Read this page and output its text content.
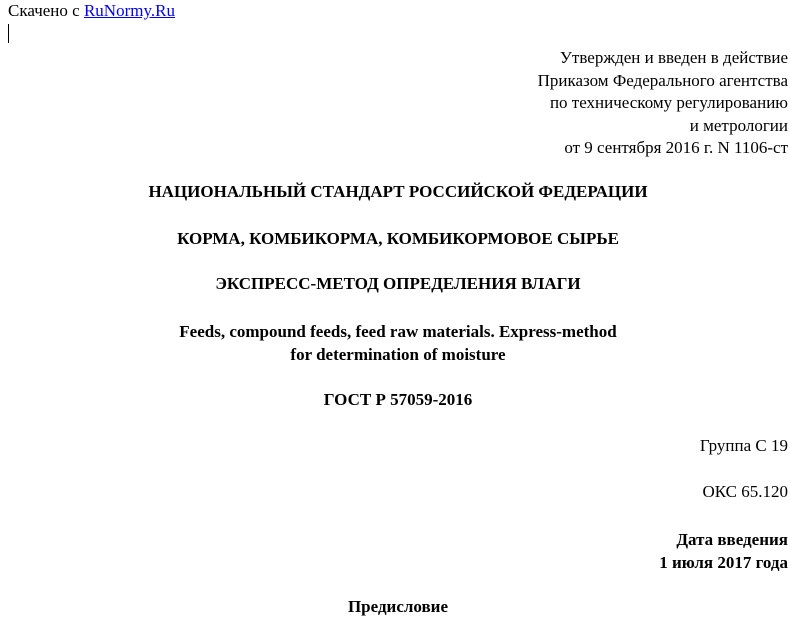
Скачено с RuNormy.Ru
Утвержден и введен в действие
Приказом Федерального агентства
по техническому регулированию
и метрологии
от 9 сентября 2016 г. N 1106-ст
НАЦИОНАЛЬНЫЙ СТАНДАРТ РОССИЙСКОЙ ФЕДЕРАЦИИ
КОРМА, КОМБИКОРМА, КОМБИКОРМОВОЕ СЫРЬЕ
ЭКСПРЕСС-МЕТОД ОПРЕДЕЛЕНИЯ ВЛАГИ
Feeds, compound feeds, feed raw materials. Express-method
for determination of moisture
ГОСТ Р 57059-2016
Группа С 19
ОКС 65.120
Дата введения
1 июля 2017 года
Предисловие
